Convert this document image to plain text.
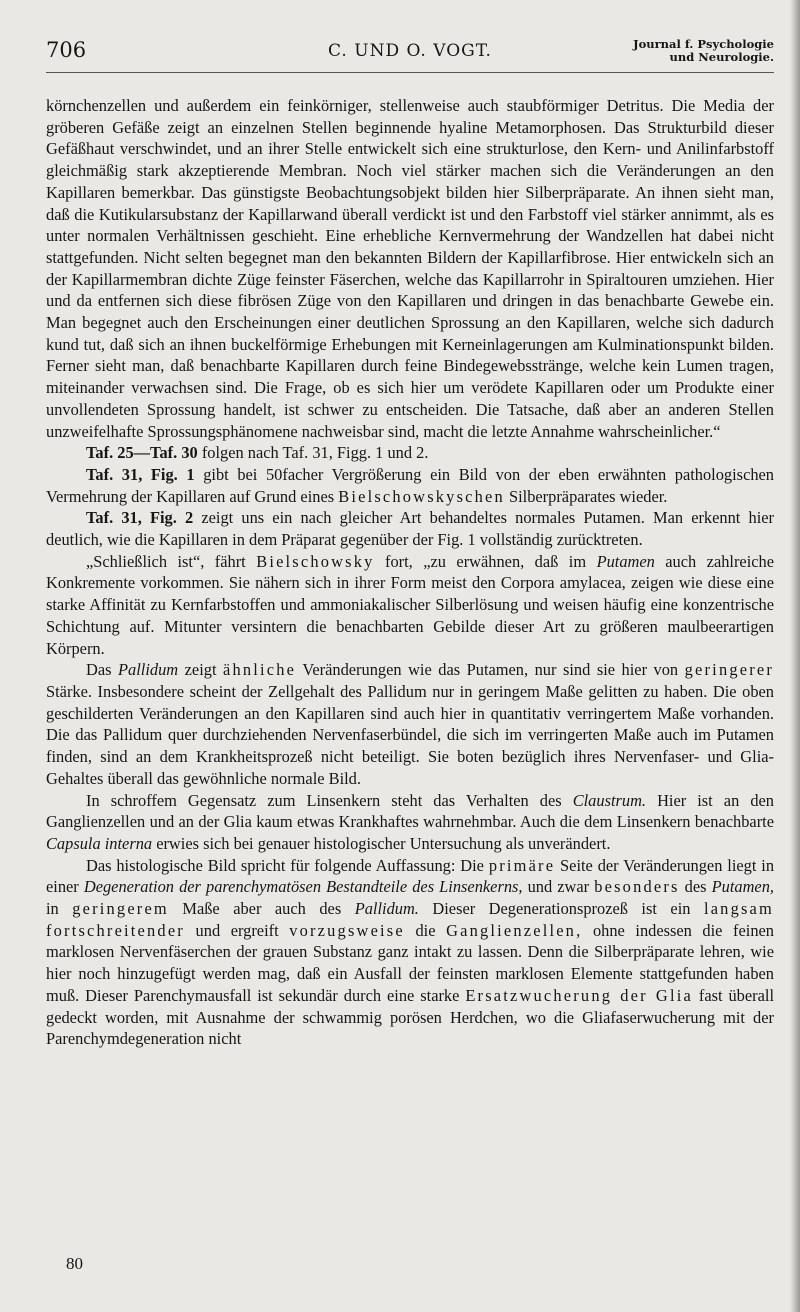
706	C. UND O. VOGT.	Journal f. Psychologie
und Neurologie.

körnchenzellen und außerdem ein feinkörniger, stellenweise auch staubförmiger Detritus. Die Media der gröberen Gefäße zeigt an einzelnen Stellen beginnende hyaline Metamorphosen. Das Strukturbild dieser Gefäßhaut verschwindet, und an ihrer Stelle entwickelt sich eine strukturlose, den Kern- und Anilinfarbstoff gleichmäßig stark akzeptierende Membran. Noch viel stärker machen sich die Veränderungen an den Kapillaren bemerkbar. Das günstigste Beobachtungsobjekt bilden hier Silberpräparate. An ihnen sieht man, daß die Kutikularsubstanz der Kapillarwand überall verdickt ist und den Farbstoff viel stärker annimmt, als es unter normalen Verhältnissen geschieht. Eine erhebliche Kernvermehrung der Wandzellen hat dabei nicht stattgefunden. Nicht selten begegnet man den bekannten Bildern der Kapillarfibrose. Hier entwickeln sich an der Kapillarmembran dichte Züge feinster Fäserchen, welche das Kapillarrohr in Spiraltouren umziehen. Hier und da entfernen sich diese fibrösen Züge von den Kapillaren und dringen in das benachbarte Gewebe ein. Man begegnet auch den Erscheinungen einer deutlichen Sprossung an den Kapillaren, welche sich dadurch kund tut, daß sich an ihnen buckelförmige Erhebungen mit Kerneinlagerungen am Kulminationspunkt bilden. Ferner sieht man, daß benachbarte Kapillaren durch feine Bindegewebsstränge, welche kein Lumen tragen, miteinander verwachsen sind. Die Frage, ob es sich hier um verödete Kapillaren oder um Produkte einer unvollendeten Sprossung handelt, ist schwer zu entscheiden. Die Tatsache, daß aber an anderen Stellen unzweifelhafte Sprossungsphänomene nachweisbar sind, macht die letzte Annahme wahrscheinlicher.“

Taf. 25—Taf. 30 folgen nach Taf. 31, Figg. 1 und 2.

Taf. 31, Fig. 1 gibt bei 50facher Vergrößerung ein Bild von der eben erwähnten pathologischen Vermehrung der Kapillaren auf Grund eines Bielschowskyschen Silberpräparates wieder.

Taf. 31, Fig. 2 zeigt uns ein nach gleicher Art behandeltes normales Putamen. Man erkennt hier deutlich, wie die Kapillaren in dem Präparat gegenüber der Fig. 1 vollständig zurücktreten.

„Schließlich ist“, fährt Bielschowsky fort, „zu erwähnen, daß im Putamen auch zahlreiche Konkremente vorkommen. Sie nähern sich in ihrer Form meist den Corpora amylacea, zeigen wie diese eine starke Affinität zu Kernfarbstoffen und ammoniakalischer Silberlösung und weisen häufig eine konzentrische Schichtung auf. Mitunter versintern die benachbarten Gebilde dieser Art zu größeren maulbeerartigen Körpern.

Das Pallidum zeigt ähnliche Veränderungen wie das Putamen, nur sind sie hier von geringerer Stärke. Insbesondere scheint der Zellgehalt des Pallidum nur in geringem Maße gelitten zu haben. Die oben geschilderten Veränderungen an den Kapillaren sind auch hier in quantitativ verringertem Maße vorhanden. Die das Pallidum quer durchziehenden Nervenfaserbündel, die sich im verringerten Maße auch im Putamen finden, sind an dem Krankheitsprozeß nicht beteiligt. Sie boten bezüglich ihres Nervenfaser- und Glia-Gehaltes überall das gewöhnliche normale Bild.

In schroffem Gegensatz zum Linsenkern steht das Verhalten des Claustrum. Hier ist an den Ganglienzellen und an der Glia kaum etwas Krankhaftes wahrnehmbar. Auch die dem Linsenkern benachbarte Capsula interna erwies sich bei genauer histologischer Untersuchung als unverändert.

Das histologische Bild spricht für folgende Auffassung: Die primäre Seite der Veränderungen liegt in einer Degeneration der parenchymatösen Bestandteile des Linsenkerns, und zwar besonders des Putamen, in geringerem Maße aber auch des Pallidum. Dieser Degenerationsprozeß ist ein langsam fortschreitender und ergreift vorzugsweise die Ganglienzellen, ohne indessen die feinen marklosen Nervenfäserchen der grauen Substanz ganz intakt zu lassen. Denn die Silberpräparate lehren, wie hier noch hinzugefügt werden mag, daß ein Ausfall der feinsten marklosen Elemente stattgefunden haben muß. Dieser Parenchymausfall ist sekundär durch eine starke Ersatzwucherung der Glia fast überall gedeckt worden, mit Ausnahme der schwammig porösen Herdchen, wo die Gliafaserwucherung mit der Parenchymdegeneration nicht

80
